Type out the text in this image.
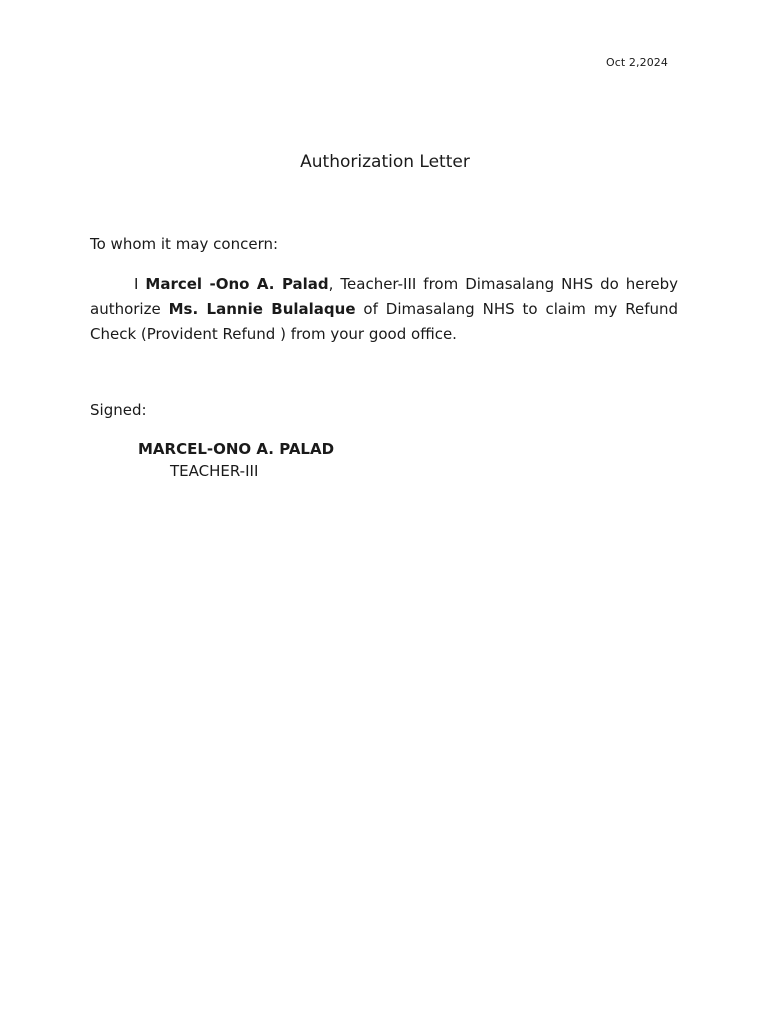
Oct 2,2024
Authorization Letter
To whom it may concern:
I Marcel -Ono A. Palad, Teacher-III from Dimasalang NHS do hereby authorize Ms. Lannie Bulalaque of Dimasalang NHS to claim my Refund Check (Provident Refund ) from your good office.
Signed:
MARCEL-ONO A. PALAD
TEACHER-III
